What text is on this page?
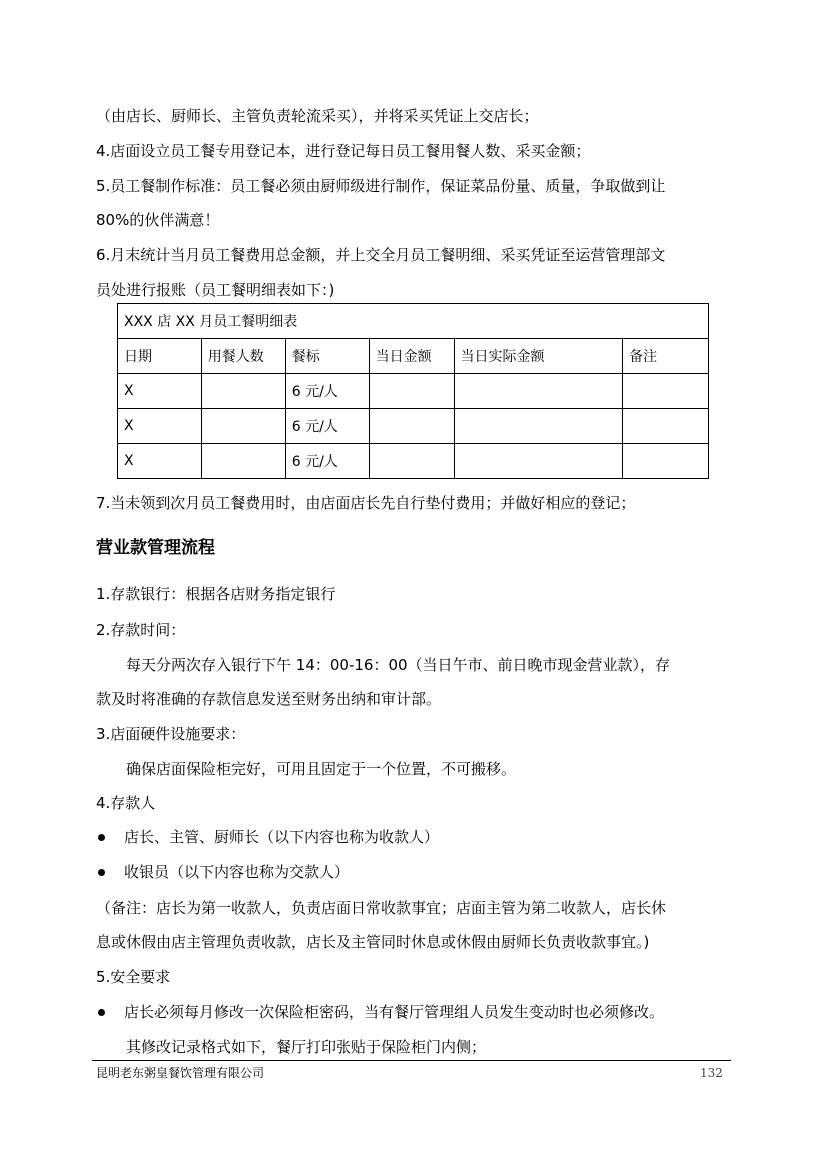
（由店长、厨师长、主管负责轮流采买），并将采买凭证上交店长；
4.店面设立员工餐专用登记本，进行登记每日员工餐用餐人数、采买金额；
5.员工餐制作标准：员工餐必须由厨师级进行制作，保证菜品份量、质量，争取做到让
80%的伙伴满意！
6.月末统计当月员工餐费用总金额，并上交全月员工餐明细、采买凭证至运营管理部文
员处进行报账（员工餐明细表如下：)
XXX 店 XX 月员工餐明细表					
日期	用餐人数	餐标	当日金额	当日实际金额	备注
X		6 元/人			
X		6 元/人			
X		6 元/人			
7.当未领到次月员工餐费用时，由店面店长先自行垫付费用；并做好相应的登记；
营业款管理流程
1.存款银行：根据各店财务指定银行
2.存款时间：
每天分两次存入银行下午 14：00-16：00（当日午市、前日晚市现金营业款），存
款及时将准确的存款信息发送至财务出纳和审计部。
3.店面硬件设施要求：
确保店面保险柜完好，可用且固定于一个位置，不可搬移。
4.存款人
店长、主管、厨师长（以下内容也称为收款人）
收银员（以下内容也称为交款人）
（备注：店长为第一收款人，负责店面日常收款事宜；店面主管为第二收款人，店长休
息或休假由店主管理负责收款，店长及主管同时休息或休假由厨师长负责收款事宜。)
5.安全要求
店长必须每月修改一次保险柜密码，当有餐厅管理组人员发生变动时也必须修改。
其修改记录格式如下，餐厅打印张贴于保险柜门内侧；
昆明老东粥皇餐饮管理有限公司	132
